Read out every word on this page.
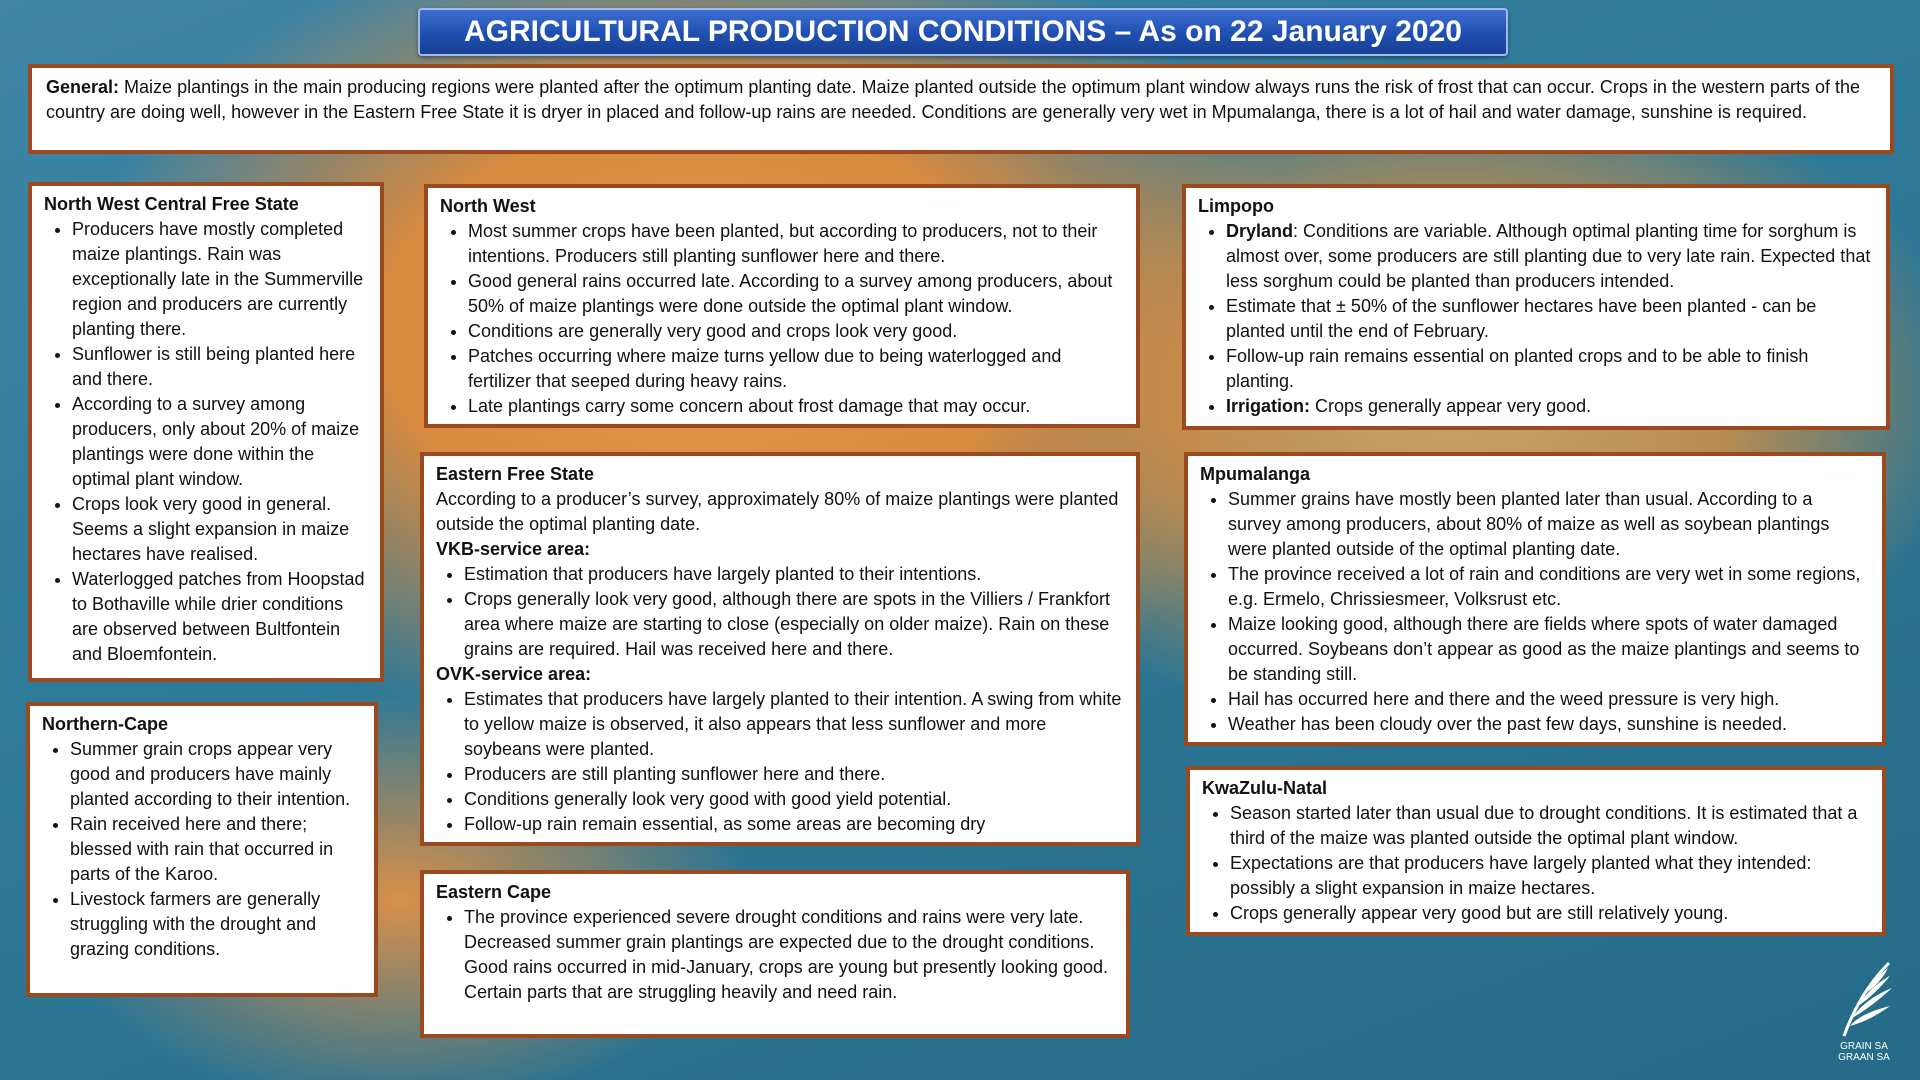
AGRICULTURAL PRODUCTION CONDITIONS – As on 22 January 2020
General: Maize plantings in the main producing regions were planted after the optimum planting date. Maize planted outside the optimum plant window always runs the risk of frost that can occur. Crops in the western parts of the country are doing well, however in the Eastern Free State it is dryer in placed and follow-up rains are needed. Conditions are generally very wet in Mpumalanga, there is a lot of hail and water damage, sunshine is required.
North West Central Free State
• Producers have mostly completed maize plantings. Rain was exceptionally late in the Summerville region and producers are currently planting there.
• Sunflower is still being planted here and there.
• According to a survey among producers, only about 20% of maize plantings were done within the optimal plant window.
• Crops look very good in general. Seems a slight expansion in maize hectares have realised.
• Waterlogged patches from Hoopstad to Bothaville while drier conditions are observed between Bultfontein and Bloemfontein.
Northern-Cape
• Summer grain crops appear very good and producers have mainly planted according to their intention.
• Rain received here and there; blessed with rain that occurred in parts of the Karoo.
• Livestock farmers are generally struggling with the drought and grazing conditions.
North West
• Most summer crops have been planted, but according to producers, not to their intentions. Producers still planting sunflower here and there.
• Good general rains occurred late. According to a survey among producers, about 50% of maize plantings were done outside the optimal plant window.
• Conditions are generally very good and crops look very good.
• Patches occurring where maize turns yellow due to being waterlogged and fertilizer that seeped during heavy rains.
• Late plantings carry some concern about frost damage that may occur.
Eastern Free State

According to a producer’s survey, approximately 80% of maize plantings were planted outside the optimal planting date.

VKB-service area:

• Estimation that producers have largely planted to their intentions.
• Crops generally look very good, although there are spots in the Villiers / Frankfort area where maize are starting to close (especially on older maize). Rain on these grains are required. Hail was received here and there.

OVK-service area:

• Estimates that producers have largely planted to their intention. A swing from white to yellow maize is observed, it also appears that less sunflower and more soybeans were planted.
• Producers are still planting sunflower here and there.
• Conditions generally look very good with good yield potential.
• Follow-up rain remain essential, as some areas are becoming dry
Eastern Cape
• The province experienced severe drought conditions and rains were very late. Decreased summer grain plantings are expected due to the drought conditions. Good rains occurred in mid-January, crops are young but presently looking good. Certain parts that are struggling heavily and need rain.
Limpopo
• Dryland: Conditions are variable. Although optimal planting time for sorghum is almost over, some producers are still planting due to very late rain. Expected that less sorghum could be planted than producers intended.
• Estimate that ± 50% of the sunflower hectares have been planted - can be planted until the end of February.
• Follow-up rain remains essential on planted crops and to be able to finish planting.
• Irrigation: Crops generally appear very good.
Mpumalanga
• Summer grains have mostly been planted later than usual. According to a survey among producers, about 80% of maize as well as soybean plantings were planted outside of the optimal planting date.
• The province received a lot of rain and conditions are very wet in some regions, e.g. Ermelo, Chrissiesmeer, Volksrust etc.
• Maize looking good, although there are fields where spots of water damaged occurred. Soybeans don’t appear as good as the maize plantings and seems to be standing still.
• Hail has occurred here and there and the weed pressure is very high.
• Weather has been cloudy over the past few days, sunshine is needed.
KwaZulu-Natal
• Season started later than usual due to drought conditions. It is estimated that a third of the maize was planted outside the optimal plant window.
• Expectations are that producers have largely planted what they intended: possibly a slight expansion in maize hectares.
• Crops generally appear very good but are still relatively young.
GRAIN SA
GRAAN SA
